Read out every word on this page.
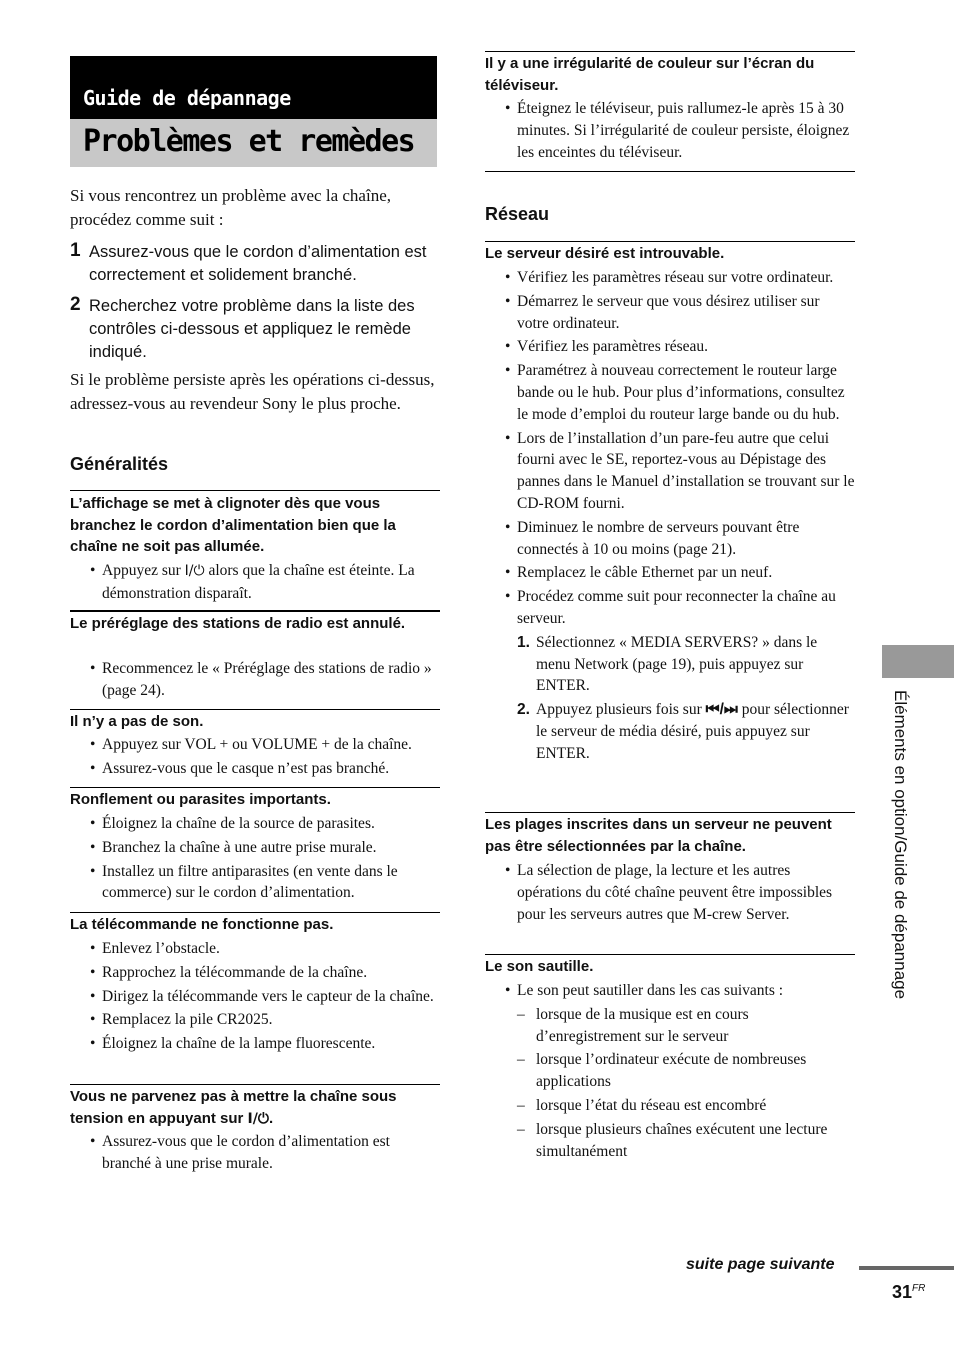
Guide de dépannage
Problèmes et remèdes
Si vous rencontrez un problème avec la chaîne, procédez comme suit :
1 Assurez-vous que le cordon d’alimentation est correctement et solidement branché.
2 Recherchez votre problème dans la liste des contrôles ci-dessous et appliquez le remède indiqué.
Si le problème persiste après les opérations ci-dessus, adressez-vous au revendeur Sony le plus proche.
Généralités
L’affichage se met à clignoter dès que vous branchez le cordon d’alimentation bien que la chaîne ne soit pas allumée.
• Appuyez sur I/⏻ alors que la chaîne est éteinte. La démonstration disparaît.
Le préréglage des stations de radio est annulé.
• Recommencez le « Préréglage des stations de radio » (page 24).
Il n’y a pas de son.
• Appuyez sur VOL + ou VOLUME + de la chaîne.
• Assurez-vous que le casque n’est pas branché.
Ronflement ou parasites importants.
• Éloignez la chaîne de la source de parasites.
• Branchez la chaîne à une autre prise murale.
• Installez un filtre antiparasites (en vente dans le commerce) sur le cordon d’alimentation.
La télécommande ne fonctionne pas.
• Enlevez l’obstacle.
• Rapprochez la télécommande de la chaîne.
• Dirigez la télécommande vers le capteur de la chaîne.
• Remplacez la pile CR2025.
• Éloignez la chaîne de la lampe fluorescente.
Vous ne parvenez pas à mettre la chaîne sous tension en appuyant sur I/⏻.
• Assurez-vous que le cordon d’alimentation est branché à une prise murale.
Il y a une irrégularité de couleur sur l’écran du téléviseur.
• Éteignez le téléviseur, puis rallumez-le après 15 à 30 minutes. Si l’irrégularité de couleur persiste, éloignez les enceintes du téléviseur.
Réseau
Le serveur désiré est introuvable.
• Vérifiez les paramètres réseau sur votre ordinateur.
• Démarrez le serveur que vous désirez utiliser sur votre ordinateur.
• Vérifiez les paramètres réseau.
• Paramétrez à nouveau correctement le routeur large bande ou le hub. Pour plus d’informations, consultez le mode d’emploi du routeur large bande ou du hub.
• Lors de l’installation d’un pare-feu autre que celui fourni avec le SE, reportez-vous au Dépistage des pannes dans le Manuel d’installation se trouvant sur le CD-ROM fourni.
• Diminuez le nombre de serveurs pouvant être connectés à 10 ou moins (page 21).
• Remplacez le câble Ethernet par un neuf.
• Procédez comme suit pour reconnecter la chaîne au serveur.
1. Sélectionnez « MEDIA SERVERS? » dans le menu Network (page 19), puis appuyez sur ENTER.
2. Appuyez plusieurs fois sur ⏮/⏭ pour sélectionner le serveur de média désiré, puis appuyez sur ENTER.
Les plages inscrites dans un serveur ne peuvent pas être sélectionnées par la chaîne.
• La sélection de plage, la lecture et les autres opérations du côté chaîne peuvent être impossibles pour les serveurs autres que M-crew Server.
Le son sautille.
• Le son peut sautiller dans les cas suivants :
– lorsque de la musique est en cours d’enregistrement sur le serveur
– lorsque l’ordinateur exécute de nombreuses applications
– lorsque l’état du réseau est encombré
– lorsque plusieurs chaînes exécutent une lecture simultanément
Éléments en option/Guide de dépannage
suite page suivante
$31^{FR}$
